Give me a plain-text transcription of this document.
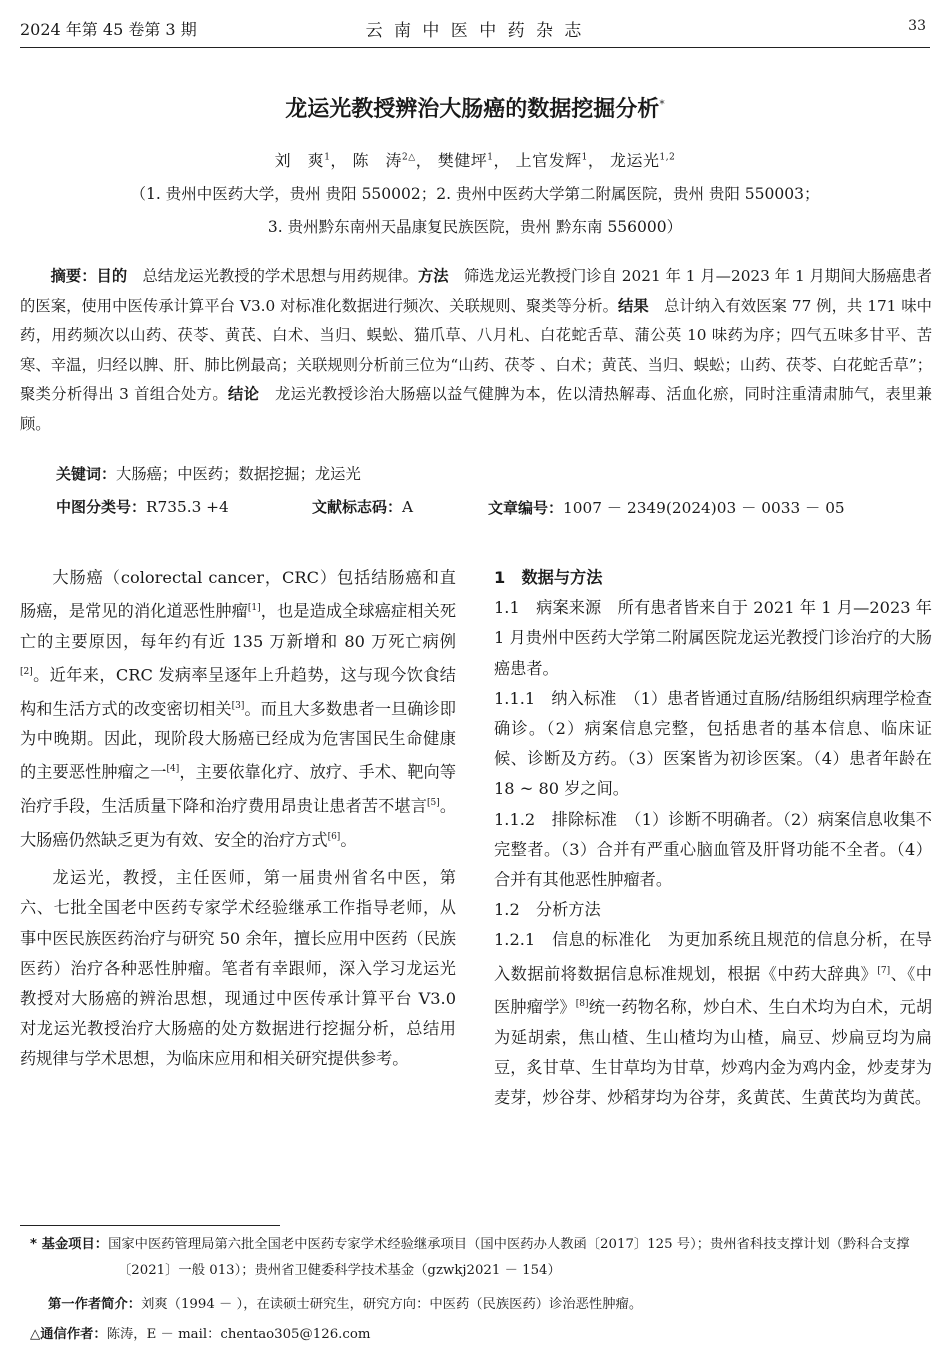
2024 年第 45 卷第 3 期	云 南 中 医 中 药 杂 志	33
龙运光教授辨治大肠癌的数据挖掘分析*
刘　爽$^1$， 陈　涛$^{2\triangle}$， 樊健坪$^1$， 上官发辉$^1$， 龙运光$^{1,2}$
（1. 贵州中医药大学，贵州 贵阳 550002；2. 贵州中医药大学第二附属医院，贵州 贵阳 550003；
3. 贵州黔东南州天晶康复民族医院，贵州 黔东南 556000）

摘要：目的　总结龙运光教授的学术思想与用药规律。方法　筛选龙运光教授门诊自 2021 年 1 月—2023 年 1 月期间大肠癌患者的医案，使用中医传承计算平台 V3.0 对标准化数据进行频次、关联规则、聚类等分析。结果　总计纳入有效医案 77 例，共 171 味中药，用药频次以山药、茯苓、黄芪、白术、当归、蜈蚣、猫爪草、八月札、白花蛇舌草、蒲公英 10 味药为序；四气五味多甘平、苦寒、辛温，归经以脾、肝、肺比例最高；关联规则分析前三位为“山药、茯苓 、白术；黄芪、当归、蜈蚣；山药、茯苓、白花蛇舌草”；聚类分析得出 3 首组合处方。结论　龙运光教授诊治大肠癌以益气健脾为本，佐以清热解毒、活血化瘀，同时注重清肃肺气，表里兼顾。

关键词：大肠癌；中医药；数据挖掘；龙运光
中图分类号：R735.3 +4	文献标志码：A	文章编号：1007 － 2349(2024)03 － 0033 － 05

大肠癌（colorectal cancer，CRC）包括结肠癌和直肠癌，是常见的消化道恶性肿瘤[1]，也是造成全球癌症相关死亡的主要原因，每年约有近 135 万新增和 80 万死亡病例[2]。近年来，CRC 发病率呈逐年上升趋势，这与现今饮食结构和生活方式的改变密切相关[3]。而且大多数患者一旦确诊即为中晚期。因此，现阶段大肠癌已经成为危害国民生命健康的主要恶性肿瘤之一[4]，主要依靠化疗、放疗、手术、靶向等治疗手段，生活质量下降和治疗费用昂贵让患者苦不堪言[5]。大肠癌仍然缺乏更为有效、安全的治疗方式[6]。

龙运光，教授，主任医师，第一届贵州省名中医，第六、七批全国老中医药专家学术经验继承工作指导老师，从事中医民族医药治疗与研究 50 余年，擅长应用中医药（民族医药）治疗各种恶性肿瘤。笔者有幸跟师，深入学习龙运光教授对大肠癌的辨治思想，现通过中医传承计算平台 V3.0 对龙运光教授治疗大肠癌的处方数据进行挖掘分析，总结用药规律与学术思想，为临床应用和相关研究提供参考。

1　数据与方法

1.1　病案来源　所有患者皆来自于 2021 年 1 月—2023 年 1 月贵州中医药大学第二附属医院龙运光教授门诊治疗的大肠癌患者。

1.1.1　纳入标准　（1）患者皆通过直肠/结肠组织病理学检查确诊。（2）病案信息完整，包括患者的基本信息、临床证候、诊断及方药。（3）医案皆为初诊医案。（4）患者年龄在 18 ~ 80 岁之间。

1.1.2　排除标准　（1）诊断不明确者。（2）病案信息收集不完整者。（3）合并有严重心脑血管及肝肾功能不全者。（4）合并有其他恶性肿瘤者。

1.2　分析方法

1.2.1　信息的标准化　为更加系统且规范的信息分析，在导入数据前将数据信息标准规划，根据《中药大辞典》[7]、《中医肿瘤学》[8]统一药物名称，炒白术、生白术均为白术，元胡为延胡索，焦山楂、生山楂均为山楂，扁豆、炒扁豆均为扁豆，炙甘草、生甘草均为甘草，炒鸡内金为鸡内金，炒麦芽为麦芽，炒谷芽、炒稻芽均为谷芽，炙黄芪、生黄芪均为黄芪。

* 基金项目：国家中医药管理局第六批全国老中医药专家学术经验继承项目（国中医药办人教函〔2017〕125 号）；贵州省科技支撑计划（黔科合支撑〔2021〕一般 013）；贵州省卫健委科学技术基金（gzwkj2021 － 154）
第一作者简介：刘爽（1994 － ），在读硕士研究生，研究方向：中医药（民族医药）诊治恶性肿瘤。
△通信作者：陈涛，E － mail：chentao305@126.com
